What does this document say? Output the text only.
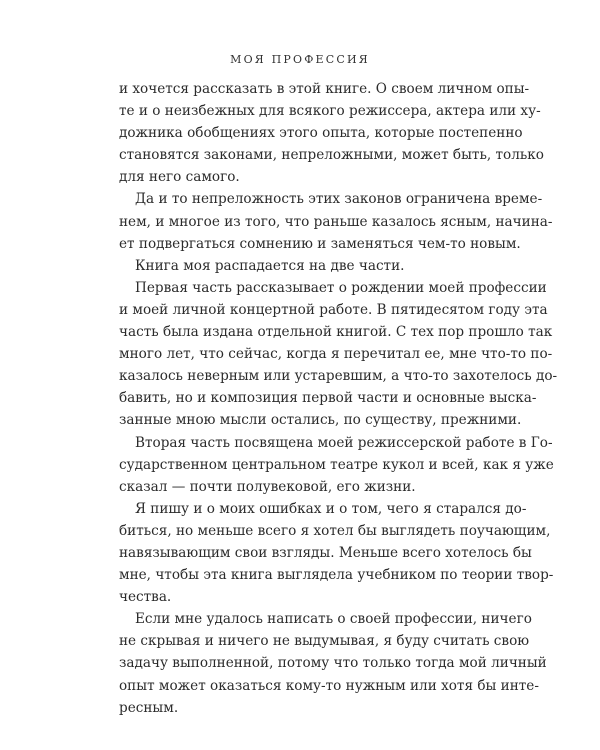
МОЯ ПРОФЕССИЯ
и хочется рассказать в этой книге. О своем личном опы-
те и о неизбежных для всякого режиссера, актера или ху-
дожника обобщениях этого опыта, которые постепенно
становятся законами, непреложными, может быть, только
для него самого.
Да и то непреложность этих законов ограничена време-
нем, и многое из того, что раньше казалось ясным, начина-
ет подвергаться сомнению и заменяться чем-то новым.
Книга моя распадается на две части.
Первая часть рассказывает о рождении моей профессии
и моей личной концертной работе. В пятидесятом году эта
часть была издана отдельной книгой. С тех пор прошло так
много лет, что сейчас, когда я перечитал ее, мне что-то по-
казалось неверным или устаревшим, а что-то захотелось до-
бавить, но и композиция первой части и основные выска-
занные мною мысли остались, по существу, прежними.
Вторая часть посвящена моей режиссерской работе в Го-
сударственном центральном театре кукол и всей, как я уже
сказал — почти полувековой, его жизни.
Я пишу и о моих ошибках и о том, чего я старался до-
биться, но меньше всего я хотел бы выглядеть поучающим,
навязывающим свои взгляды. Меньше всего хотелось бы
мне, чтобы эта книга выглядела учебником по теории твор-
чества.
Если мне удалось написать о своей профессии, ничего
не скрывая и ничего не выдумывая, я буду считать свою
задачу выполненной, потому что только тогда мой личный
опыт может оказаться кому-то нужным или хотя бы инте-
ресным.
